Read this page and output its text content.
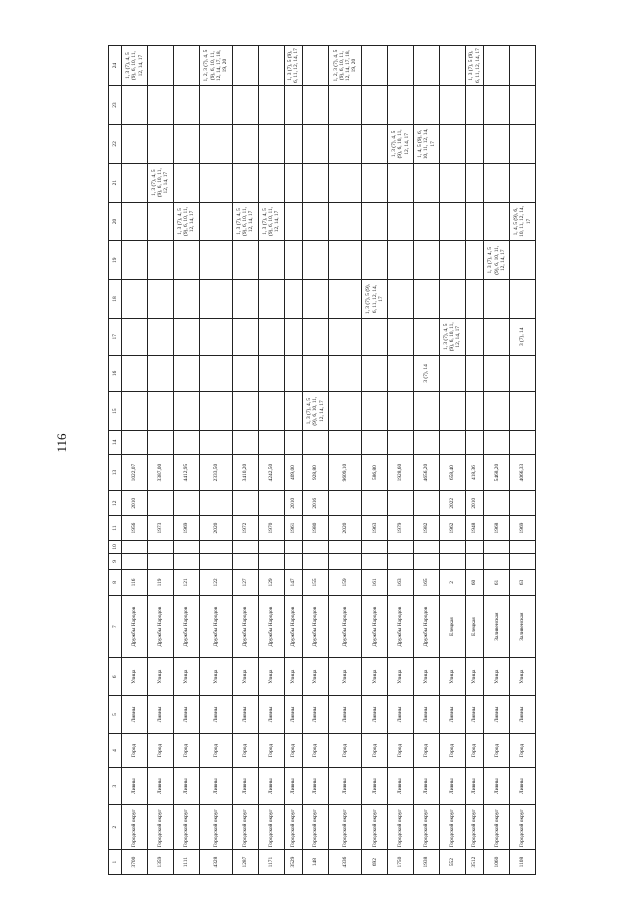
116
1	2	3	4	5	6	7	8	9	10	11	12	13	14	15	16	17	18	19	20	21	22	23	24
3700	Городской округ	Ливны	Город	Ливны	Улица	Дружбы Народов	116			1956	2010	1022,07											1, 3 (7), 4, 5 (9), 6, 10, 11, 12, 14, 17
1359	Городской округ	Ливны	Город	Ливны	Улица	Дружбы Народов	119			1973		3387,00								1, 3 (7), 4, 5 (9), 6, 10, 11, 12, 14, 17			
1111	Городской округ	Ливны	Город	Ливны	Улица	Дружбы Народов	121			1969		4412,95							1, 3 (7), 4, 5 (9), 6, 10, 11, 12, 14, 17				
4328	Городской округ	Ливны	Город	Ливны	Улица	Дружбы Народов	122			2020		2333,50											1, 2, 3 (7), 4, 5 (9), 6, 10, 11, 12, 14, 17, 18, 19, 20
1287	Городской округ	Ливны	Город	Ливны	Улица	Дружбы Народов	127			1972		3410,20							1, 3 (7), 4, 5 (9), 6, 10, 11, 12, 14, 17				
1171	Городской округ	Ливны	Город	Ливны	Улица	Дружбы Народов	129			1970		4242,50							1, 3 (7), 4, 5 (9), 6, 10, 11, 12, 14, 17				
3529	Городской округ	Ливны	Город	Ливны	Улица	Дружбы Народов	147			1961	2010	409,00											1, 3 (7), 5 (9), 6, 11, 12, 14, 17
148	Городской округ	Ливны	Город	Ливны	Улица	Дружбы Народов	155			1980	2016	928,80		1, 3 (7), 4, 5 (9), 6, 10, 11, 12, 14, 17									
4336	Городской округ	Ливны	Город	Ливны	Улица	Дружбы Народов	159			2020		9609,10											1, 2, 3 (7), 4, 5 (9), 6, 10, 11, 12, 14, 17, 18, 19, 20
692	Городской округ	Ливны	Город	Ливны	Улица	Дружбы Народов	161			1963		586,80					1, 3 (7), 5 (9), 6, 11, 12, 14, 17						
1750	Городской округ	Ливны	Город	Ливны	Улица	Дружбы Народов	163			1979		1928,60									1, 3 (7), 4, 5 (9), 6, 10, 11, 12, 14, 17		
1938	Городской округ	Ливны	Город	Ливны	Улица	Дружбы Народов	165			1982		4656,20			3 (7), 14						1, 4, 5 (9), 6, 10, 11, 12, 14, 17		
552	Городской округ	Ливны	Город	Ливны	Улица	Елецкая	2			1962	2022	658,40				1, 3 (7), 4, 5 (9), 6, 10, 11, 12, 14, 17							
3512	Городской округ	Ливны	Город	Ливны	Улица	Елецкая	60			1948	2010	418,36											1, 3 (7), 5 (9), 6, 11, 12, 14, 17
1060	Городской округ	Ливны	Город	Ливны	Улица	Заливенская	61			1968		5468,20						1, 3 (7), 4, 5 (9), 6, 10, 11, 12, 14, 17					
1108	Городской округ	Ливны	Город	Ливны	Улица	Заливенская	63			1969		4066,33				3 (7), 14			1, 4, 5 (9), 6, 10, 11, 12, 14, 17				
